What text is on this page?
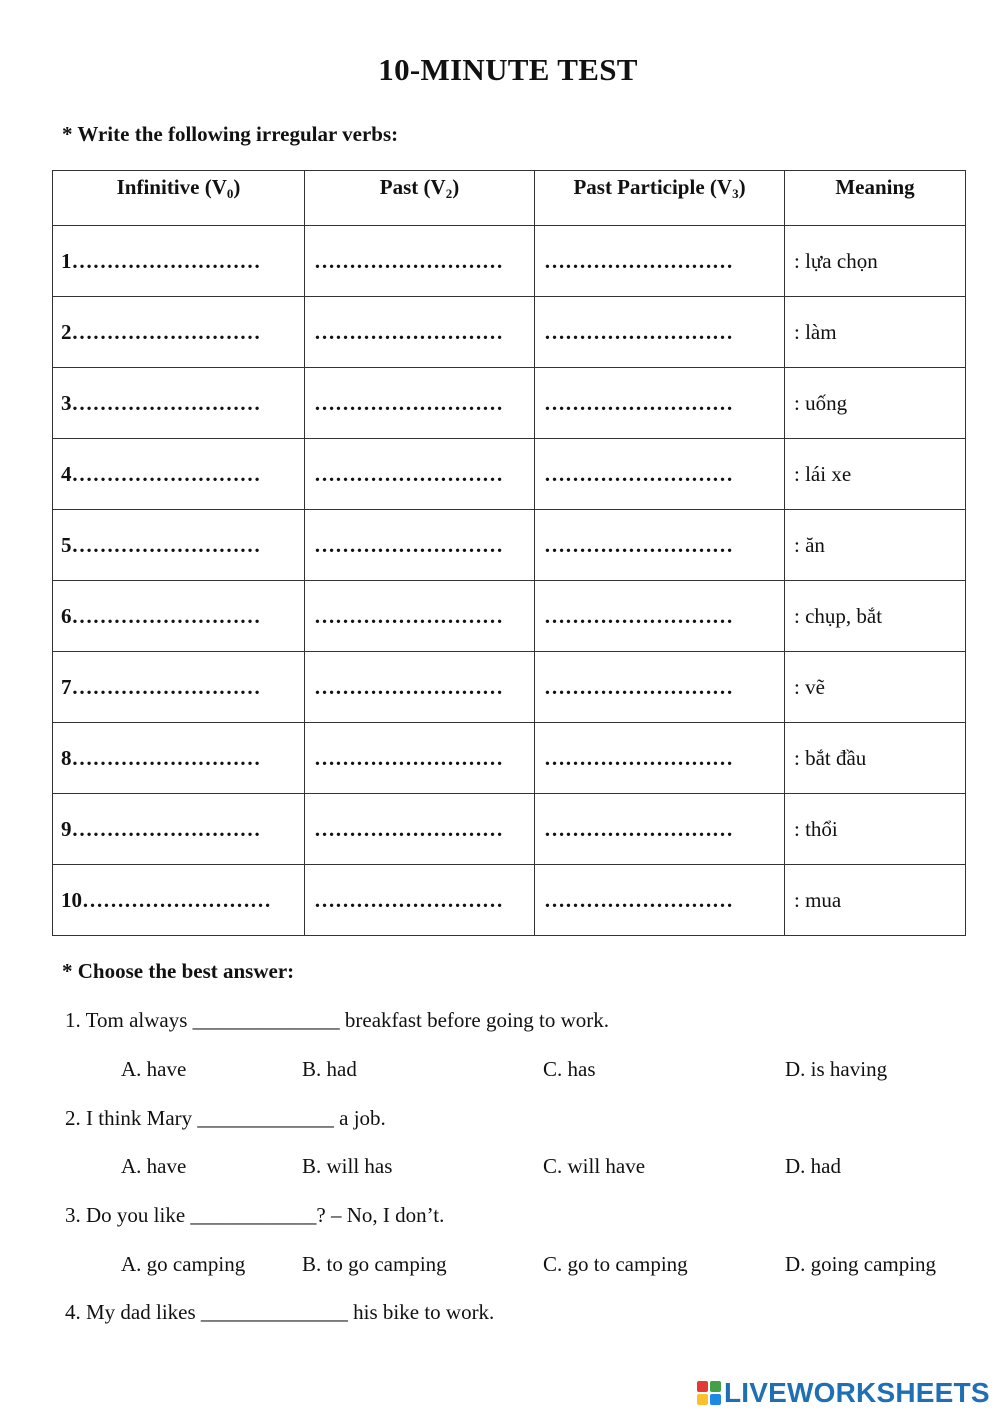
10-MINUTE TEST
* Write the following irregular verbs:
Infinitive $(V_0)$	Past $(V_2)$	Past Participle $(V_3)$	Meaning
1………………………	………………………	………………………	: lựa chọn
2………………………	………………………	………………………	: làm
3………………………	………………………	………………………	: uống
4………………………	………………………	………………………	: lái xe
5………………………	………………………	………………………	: ăn
6………………………	………………………	………………………	: chụp, bắt
7………………………	………………………	………………………	: vẽ
8………………………	………………………	………………………	: bắt đầu
9………………………	………………………	………………………	: thổi
10………………………	………………………	………………………	: mua
* Choose the best answer:
1. Tom always ______________ breakfast before going to work.
A. have	B. had	C. has	D. is having
2. I think Mary _____________ a job.
A. have	B. will has	C. will have	D. had
3. Do you like ____________? – No, I don’t.
A. go camping	B. to go camping	C. go to camping	D. going camping
4. My dad likes ______________ his bike to work.
LIVEWORKSHEETS
